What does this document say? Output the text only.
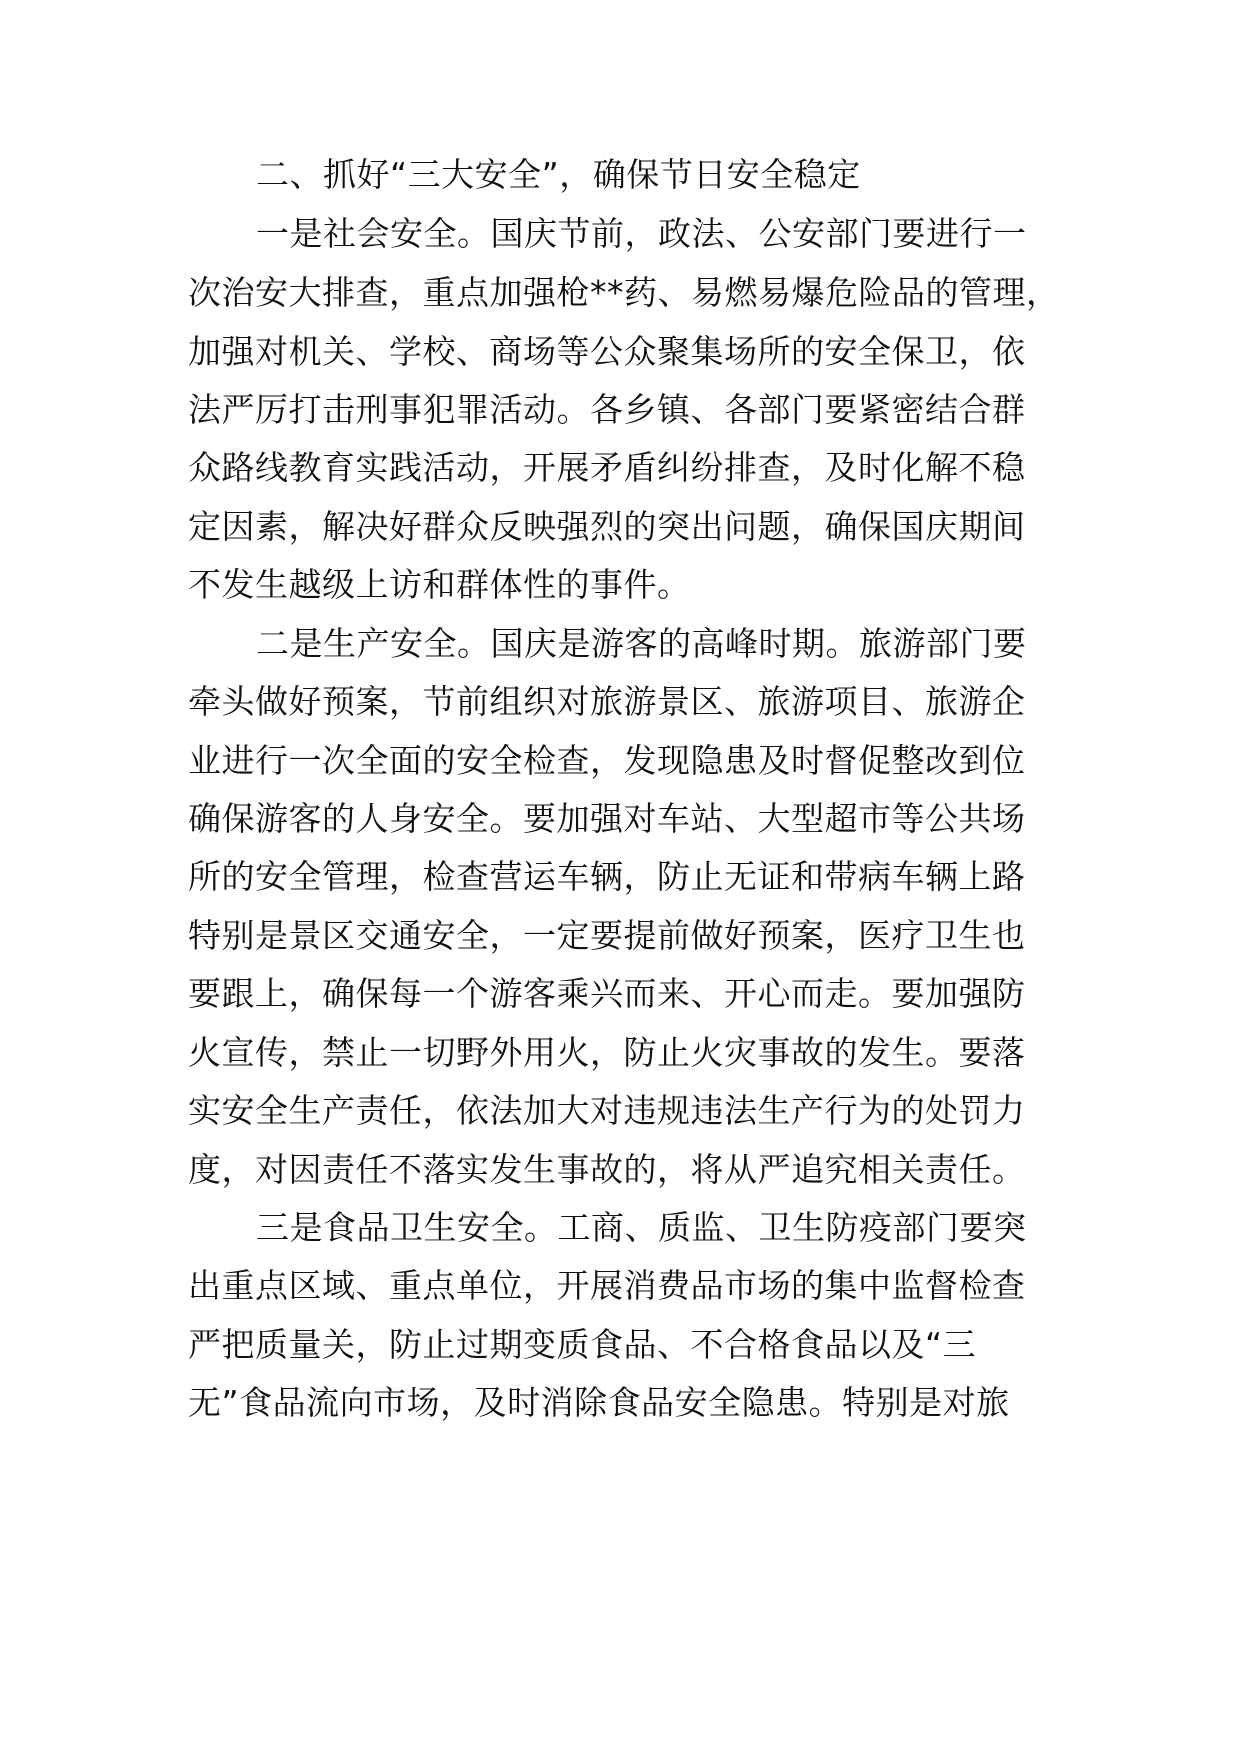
二、抓好“三大安全”，确保节日安全稳定

一是社会安全。国庆节前，政法、公安部门要进行一

次治安大排查，重点加强枪**药、易燃易爆危险品的管理，

加强对机关、学校、商场等公众聚集场所的安全保卫，依

法严厉打击刑事犯罪活动。各乡镇、各部门要紧密结合群

众路线教育实践活动，开展矛盾纠纷排查，及时化解不稳

定因素，解决好群众反映强烈的突出问题，确保国庆期间

不发生越级上访和群体性的事件。

二是生产安全。国庆是游客的高峰时期。旅游部门要

牵头做好预案，节前组织对旅游景区、旅游项目、旅游企

业进行一次全面的安全检查，发现隐患及时督促整改到位

确保游客的人身安全。要加强对车站、大型超市等公共场

所的安全管理，检查营运车辆，防止无证和带病车辆上路

特别是景区交通安全，一定要提前做好预案，医疗卫生也

要跟上，确保每一个游客乘兴而来、开心而走。要加强防

火宣传，禁止一切野外用火，防止火灾事故的发生。要落

实安全生产责任，依法加大对违规违法生产行为的处罚力

度，对因责任不落实发生事故的，将从严追究相关责任。

三是食品卫生安全。工商、质监、卫生防疫部门要突

出重点区域、重点单位，开展消费品市场的集中监督检查

严把质量关，防止过期变质食品、不合格食品以及“三

无”食品流向市场，及时消除食品安全隐患。特别是对旅
